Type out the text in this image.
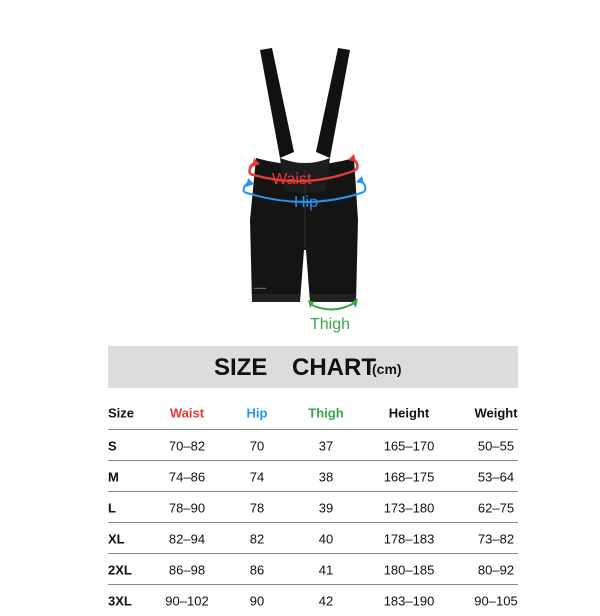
━━━━
Waist
Hip
Thigh
SIZE CHART
(cm)
Size	Waist	Hip	Thigh	Height	Weight
S	70–82	70	37	165–170	50–55
M	74–86	74	38	168–175	53–64
L	78–90	78	39	173–180	62–75
XL	82–94	82	40	178–183	73–82
2XL	86–98	86	41	180–185	80–92
3XL	90–102	90	42	183–190	90–105
